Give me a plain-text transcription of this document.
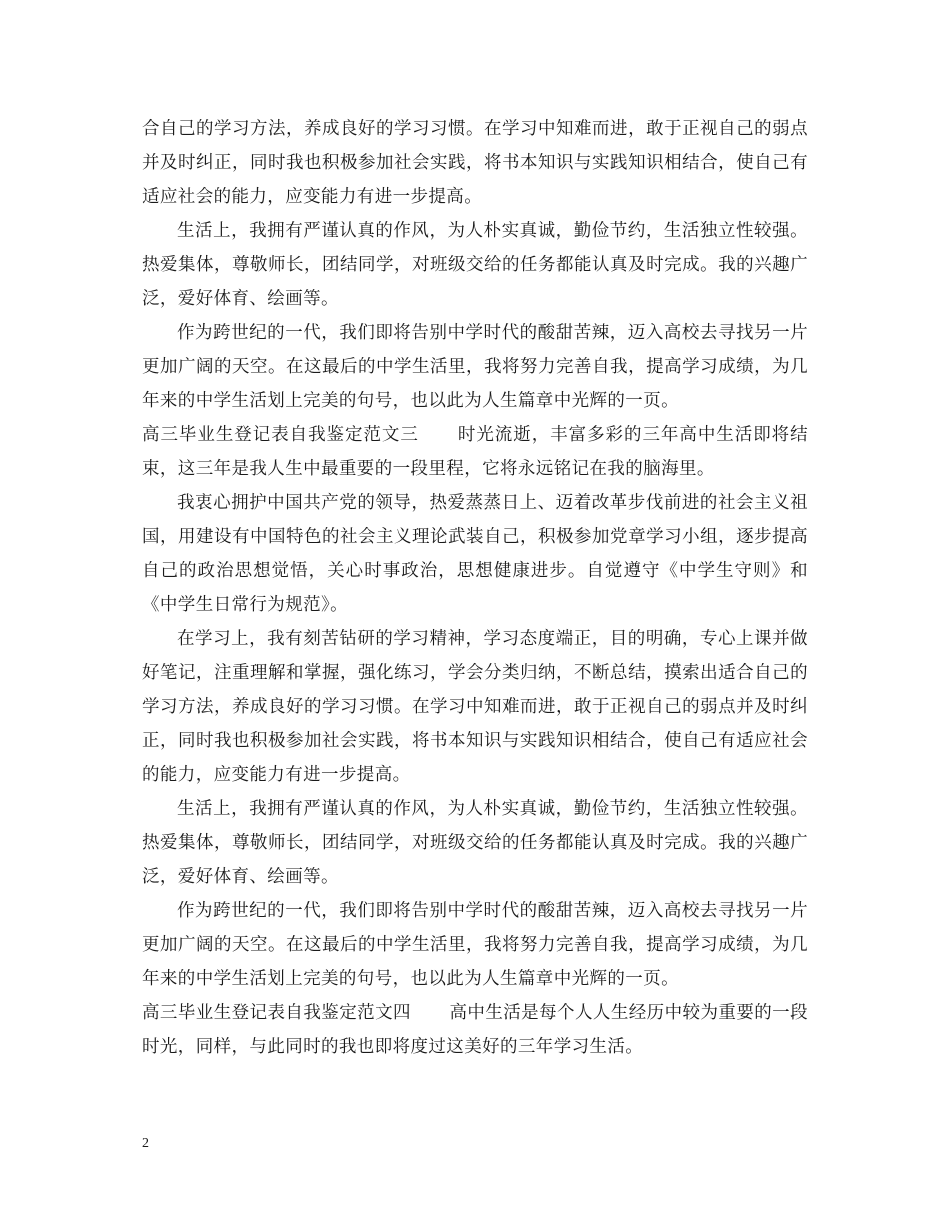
合自己的学习方法，养成良好的学习习惯。在学习中知难而进，敢于正视自己的弱点并及时纠正，同时我也积极参加社会实践，将书本知识与实践知识相结合，使自己有适应社会的能力，应变能力有进一步提高。

生活上，我拥有严谨认真的作风，为人朴实真诚，勤俭节约，生活独立性较强。热爱集体，尊敬师长，团结同学，对班级交给的任务都能认真及时完成。我的兴趣广泛，爱好体育、绘画等。

作为跨世纪的一代，我们即将告别中学时代的酸甜苦辣，迈入高校去寻找另一片更加广阔的天空。在这最后的中学生活里，我将努力完善自我，提高学习成绩，为几年来的中学生活划上完美的句号，也以此为人生篇章中光辉的一页。

高三毕业生登记表自我鉴定范文三 时光流逝，丰富多彩的三年高中生活即将结束，这三年是我人生中最重要的一段里程，它将永远铭记在我的脑海里。

我衷心拥护中国共产党的领导，热爱蒸蒸日上、迈着改革步伐前进的社会主义祖国，用建设有中国特色的社会主义理论武装自己，积极参加党章学习小组，逐步提高自己的政治思想觉悟，关心时事政治，思想健康进步。自觉遵守《中学生守则》和《中学生日常行为规范》。

在学习上，我有刻苦钻研的学习精神，学习态度端正，目的明确，专心上课并做好笔记，注重理解和掌握，强化练习，学会分类归纳，不断总结，摸索出适合自己的学习方法，养成良好的学习习惯。在学习中知难而进，敢于正视自己的弱点并及时纠正，同时我也积极参加社会实践，将书本知识与实践知识相结合，使自己有适应社会的能力，应变能力有进一步提高。

生活上，我拥有严谨认真的作风，为人朴实真诚，勤俭节约，生活独立性较强。热爱集体，尊敬师长，团结同学，对班级交给的任务都能认真及时完成。我的兴趣广泛，爱好体育、绘画等。

作为跨世纪的一代，我们即将告别中学时代的酸甜苦辣，迈入高校去寻找另一片更加广阔的天空。在这最后的中学生活里，我将努力完善自我，提高学习成绩，为几年来的中学生活划上完美的句号，也以此为人生篇章中光辉的一页。

高三毕业生登记表自我鉴定范文四 高中生活是每个人人生经历中较为重要的一段时光，同样，与此同时的我也即将度过这美好的三年学习生活。

2
